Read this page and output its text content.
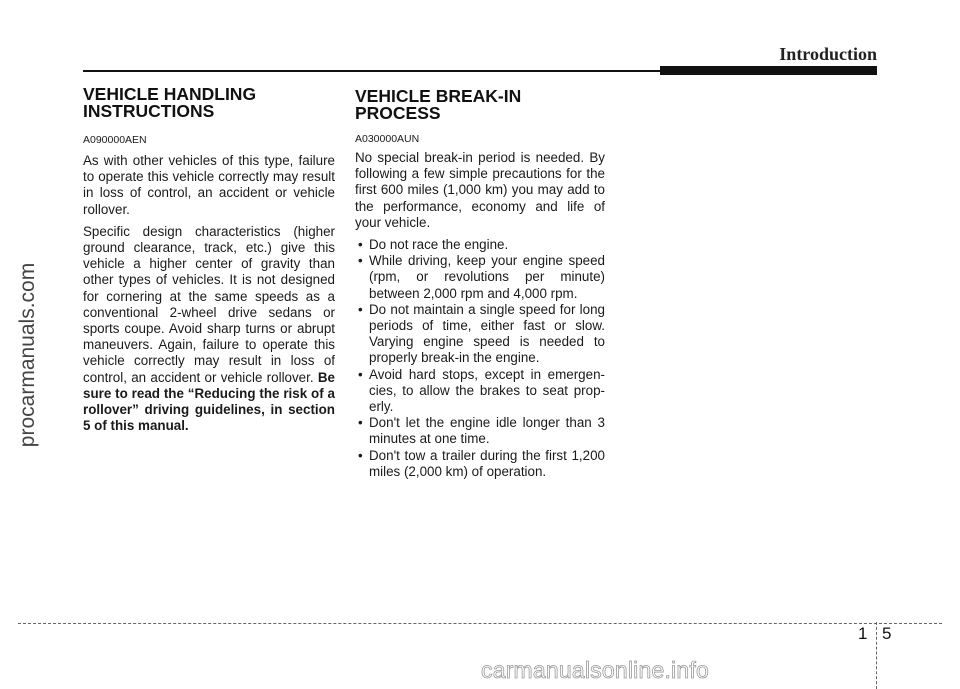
Introduction
procarmanuals.com
VEHICLE HANDLING
INSTRUCTIONS
A090000AEN

As with other vehicles of this type, failure to operate this vehicle correctly may result in loss of control, an accident or vehicle rollover.

Specific design characteristics (higher ground clearance, track, etc.) give this vehicle a higher center of gravity than other types of vehicles. It is not designed for cornering at the same speeds as a conventional 2-wheel drive sedans or sports coupe. Avoid sharp turns or abrupt maneuvers. Again, failure to operate this vehicle correctly may result in loss of control, an accident or vehicle rollover. Be sure to read the “Reducing the risk of a rollover” driving guidelines, in section 5 of this manual.

VEHICLE BREAK-IN PROCESS
A030000AUN

No special break-in period is needed. By following a few simple precautions for the first 600 miles (1,000 km) you may add to the performance, economy and life of your vehicle.

• Do not race the engine.
• While driving, keep your engine speed (rpm, or revolutions per minute) between 2,000 rpm and 4,000 rpm.
• Do not maintain a single speed for long periods of time, either fast or slow. Varying engine speed is needed to properly break-in the engine.
• Avoid hard stops, except in emergen-cies, to allow the brakes to seat prop-erly.
• Don't let the engine idle longer than 3 minutes at one time.
• Don't tow a trailer during the first 1,200 miles (2,000 km) of operation.
1 5
carmanualsonline.info
